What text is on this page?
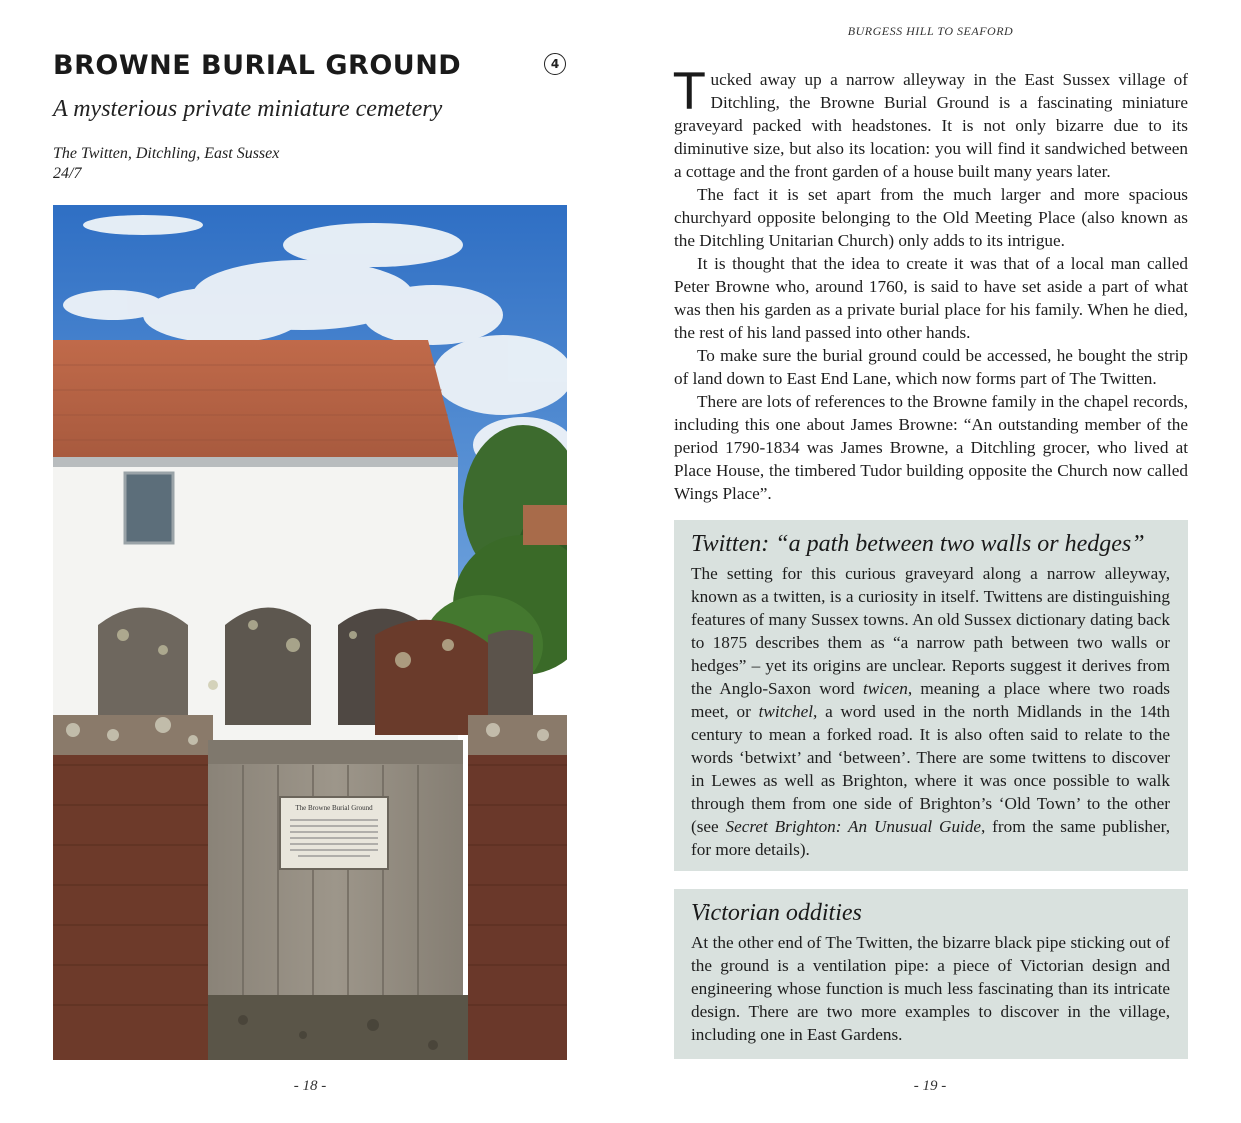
BROWNE BURIAL GROUND	4
A mysterious private miniature cemetery
The Twitten, Ditchling, East Sussex
24/7
The Browne Burial Ground
- 18 -
BURGESS HILL TO SEAFORD

Tucked away up a narrow alleyway in the East Sussex village of Ditchling, the Browne Burial Ground is a fascinating miniature graveyard packed with headstones. It is not only bizarre due to its diminutive size, but also its location: you will find it sandwiched between a cottage and the front garden of a house built many years later.

The fact it is set apart from the much larger and more spacious churchyard opposite belonging to the Old Meeting Place (also known as the Ditchling Unitarian Church) only adds to its intrigue.

It is thought that the idea to create it was that of a local man called Peter Browne who, around 1760, is said to have set aside a part of what was then his garden as a private burial place for his family. When he died, the rest of his land passed into other hands.

To make sure the burial ground could be accessed, he bought the strip of land down to East End Lane, which now forms part of The Twitten.

There are lots of references to the Browne family in the chapel records, including this one about James Browne: “An outstanding member of the period 1790-1834 was James Browne, a Ditchling grocer, who lived at Place House, the timbered Tudor building opposite the Church now called Wings Place”.

Twitten: “a path between two walls or hedges”

The setting for this curious graveyard along a narrow alleyway, known as a twitten, is a curiosity in itself. Twittens are distinguishing features of many Sussex towns. An old Sussex dictionary dating back to 1875 describes them as “a narrow path between two walls or hedges” – yet its origins are unclear. Reports suggest it derives from the Anglo-Saxon word twicen, meaning a place where two roads meet, or twitchel, a word used in the north Midlands in the 14th century to mean a forked road. It is also often said to relate to the words ‘betwixt’ and ‘between’. There are some twittens to discover in Lewes as well as Brighton, where it was once possible to walk through them from one side of Brighton’s ‘Old Town’ to the other (see Secret Brighton: An Unusual Guide, from the same publisher, for more details).

Victorian oddities

At the other end of The Twitten, the bizarre black pipe sticking out of the ground is a ventilation pipe: a piece of Victorian design and engineering whose function is much less fascinating than its intricate design. There are two more examples to discover in the village, including one in East Gardens.

- 19 -
